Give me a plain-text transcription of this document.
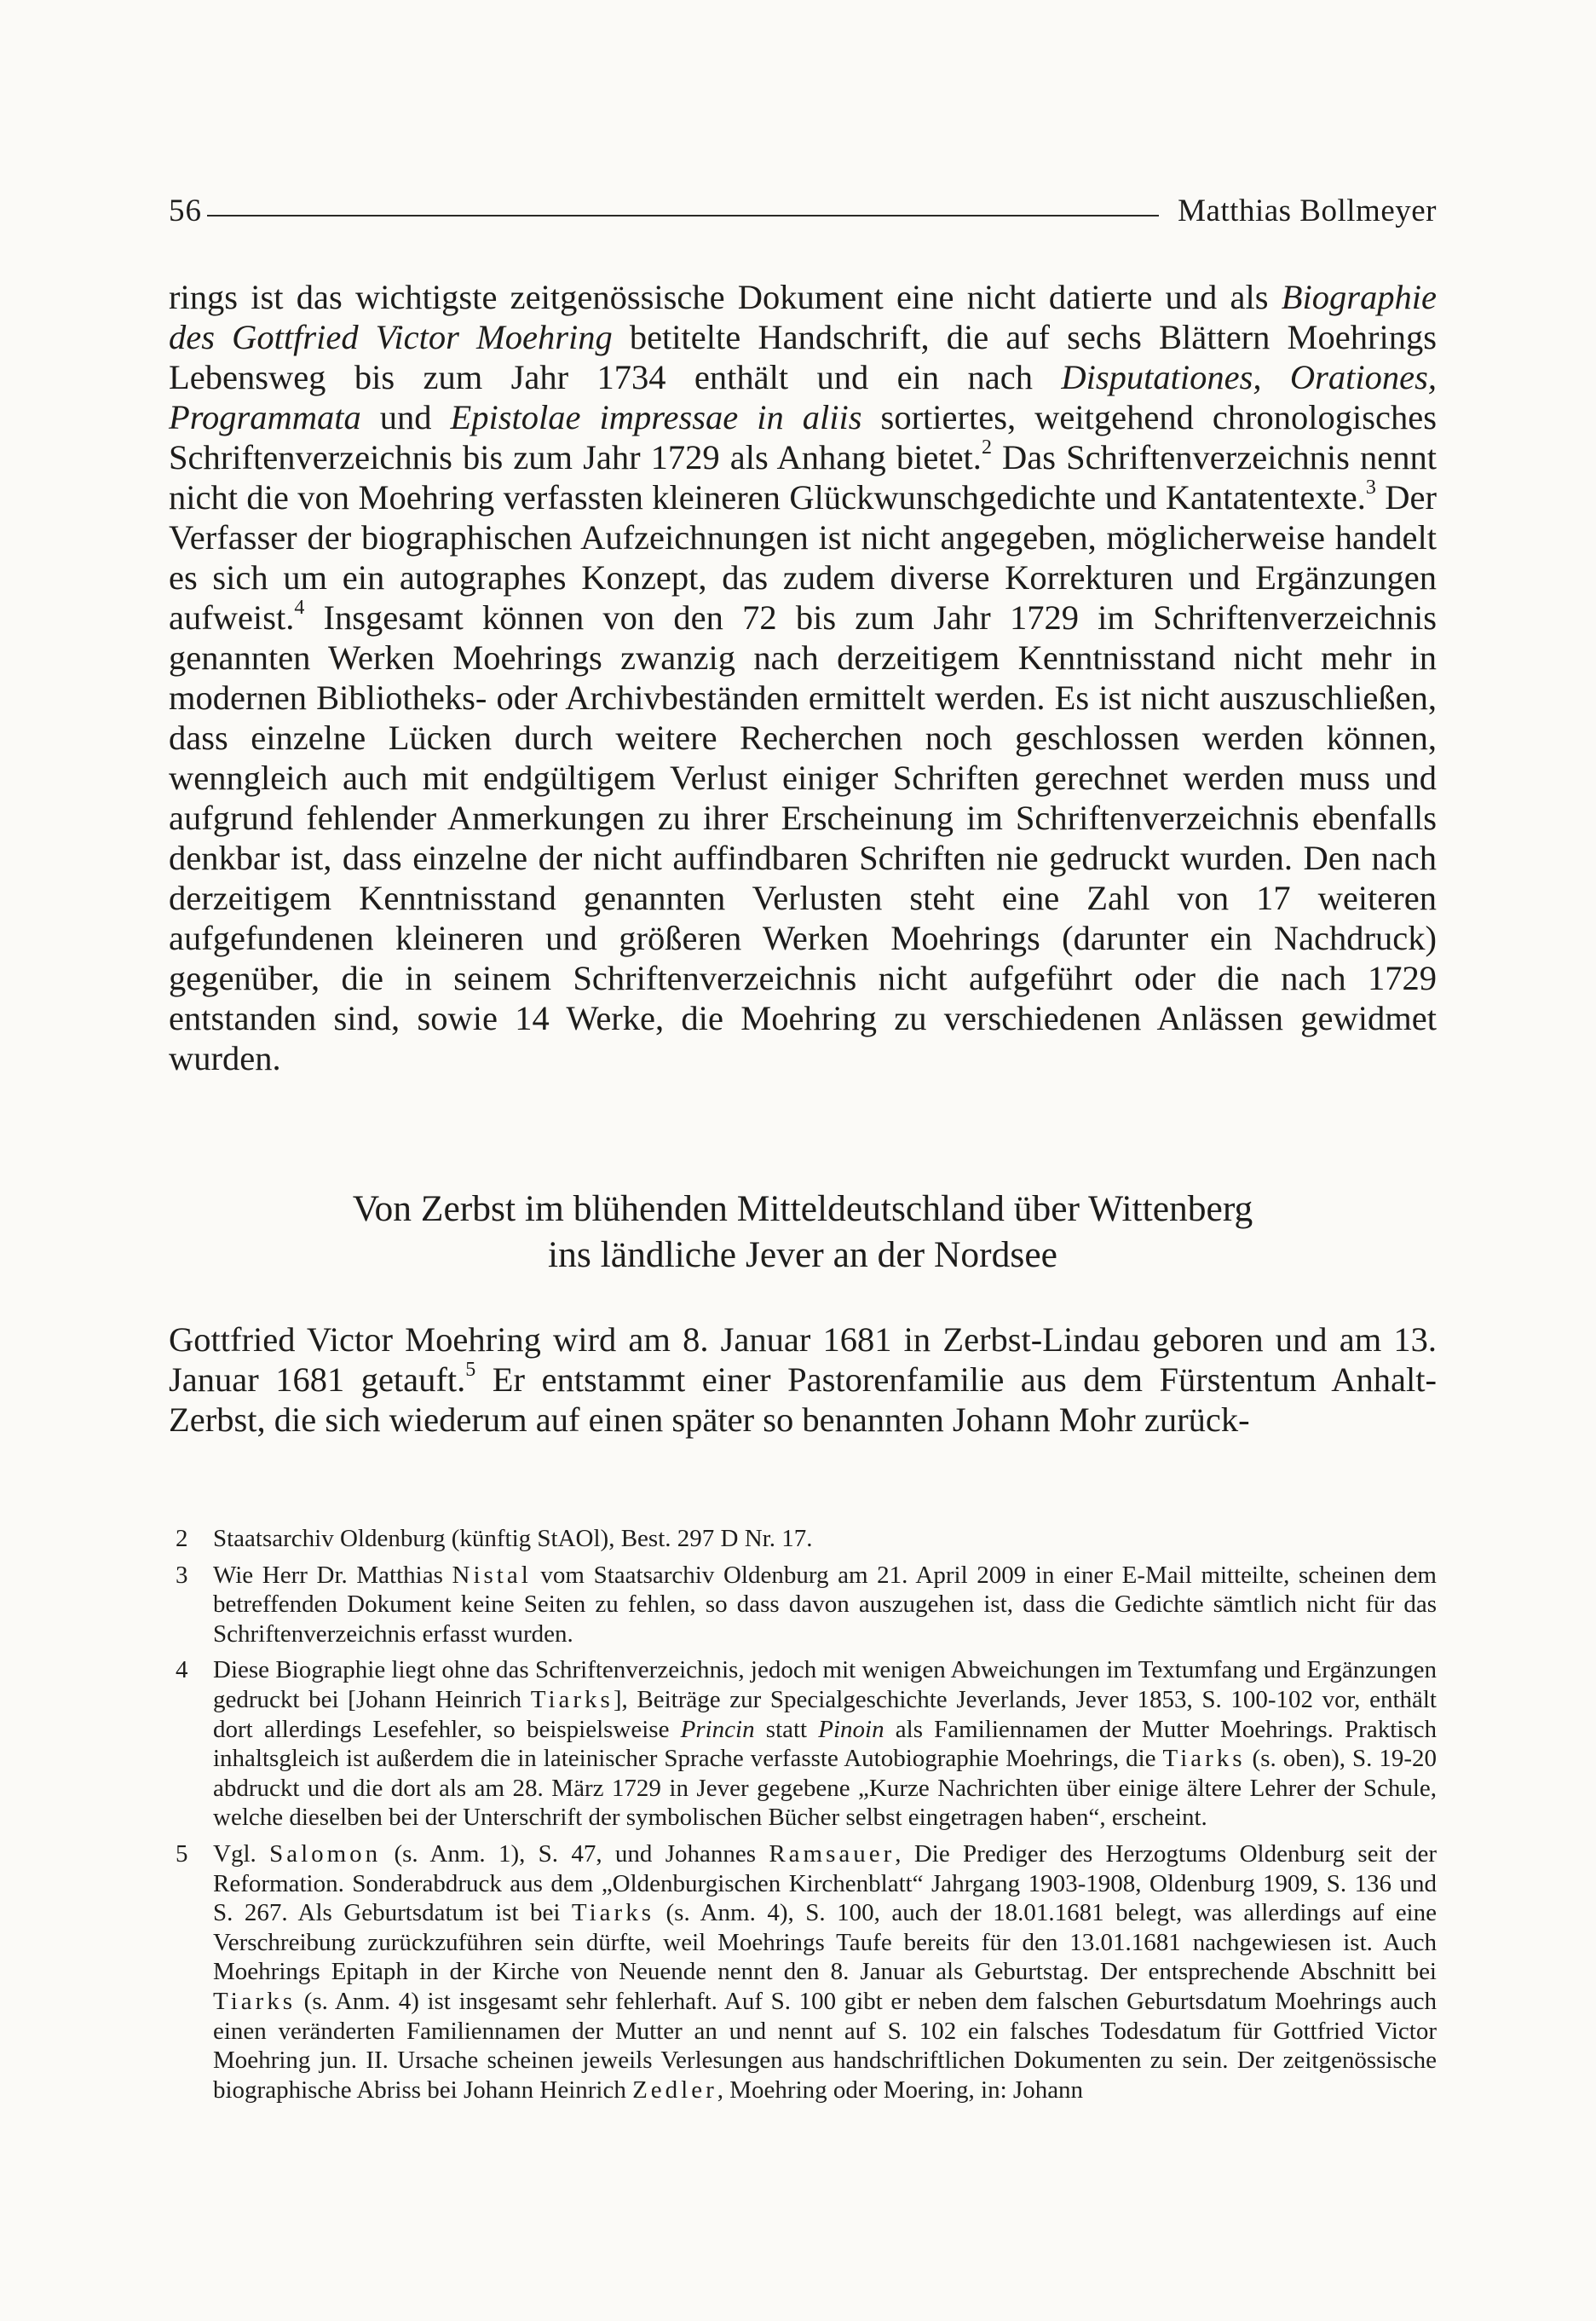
56	Matthias Bollmeyer

rings ist das wichtigste zeitgenössische Dokument eine nicht datierte und als Biographie des Gottfried Victor Moehring betitelte Handschrift, die auf sechs Blättern Moehrings Lebensweg bis zum Jahr 1734 enthält und ein nach Disputationes, Orationes, Programmata und Epistolae impressae in aliis sortiertes, weitgehend chronologisches Schriftenverzeichnis bis zum Jahr 1729 als Anhang bietet.$^2$ Das Schriftenverzeichnis nennt nicht die von Moehring verfassten kleineren Glückwunschgedichte und Kantatentexte.$^3$ Der Verfasser der biographischen Aufzeichnungen ist nicht angegeben, möglicherweise handelt es sich um ein autographes Konzept, das zudem diverse Korrekturen und Ergänzungen aufweist.$^4$ Insgesamt können von den 72 bis zum Jahr 1729 im Schriftenverzeichnis genannten Werken Moehrings zwanzig nach derzeitigem Kenntnisstand nicht mehr in modernen Bibliotheks- oder Archivbeständen ermittelt werden. Es ist nicht auszuschließen, dass einzelne Lücken durch weitere Recherchen noch geschlossen werden können, wenngleich auch mit endgültigem Verlust einiger Schriften gerechnet werden muss und aufgrund fehlender Anmerkungen zu ihrer Erscheinung im Schriftenverzeichnis ebenfalls denkbar ist, dass einzelne der nicht auffindbaren Schriften nie gedruckt wurden. Den nach derzeitigem Kenntnisstand genannten Verlusten steht eine Zahl von 17 weiteren aufgefundenen kleineren und größeren Werken Moehrings (darunter ein Nachdruck) gegenüber, die in seinem Schriftenverzeichnis nicht aufgeführt oder die nach 1729 entstanden sind, sowie 14 Werke, die Moehring zu verschiedenen Anlässen gewidmet wurden.

Von Zerbst im blühenden Mitteldeutschland über Wittenberg
ins ländliche Jever an der Nordsee

Gottfried Victor Moehring wird am 8. Januar 1681 in Zerbst-Lindau geboren und am 13. Januar 1681 getauft.$^5$ Er entstammt einer Pastorenfamilie aus dem Fürstentum Anhalt-Zerbst, die sich wiederum auf einen später so benannten Johann Mohr zurück-

2	Staatsarchiv Oldenburg (künftig StAOl), Best. 297 D Nr. 17.
3	Wie Herr Dr. Matthias Nistal vom Staatsarchiv Oldenburg am 21. April 2009 in einer E-Mail mitteilte, scheinen dem betreffenden Dokument keine Seiten zu fehlen, so dass davon auszugehen ist, dass die Gedichte sämtlich nicht für das Schriftenverzeichnis erfasst wurden.
4	Diese Biographie liegt ohne das Schriftenverzeichnis, jedoch mit wenigen Abweichungen im Textumfang und Ergänzungen gedruckt bei [Johann Heinrich Tiarks], Beiträge zur Specialgeschichte Jeverlands, Jever 1853, S. 100-102 vor, enthält dort allerdings Lesefehler, so beispielsweise Princin statt Pinoin als Familiennamen der Mutter Moehrings. Praktisch inhaltsgleich ist außerdem die in lateinischer Sprache verfasste Autobiographie Moehrings, die Tiarks (s. oben), S. 19-20 abdruckt und die dort als am 28. März 1729 in Jever gegebene „Kurze Nachrichten über einige ältere Lehrer der Schule, welche dieselben bei der Unterschrift der symbolischen Bücher selbst eingetragen haben“, erscheint.
5	Vgl. Salomon (s. Anm. 1), S. 47, und Johannes Ramsauer, Die Prediger des Herzogtums Oldenburg seit der Reformation. Sonderabdruck aus dem „Oldenburgischen Kirchenblatt“ Jahrgang 1903-1908, Oldenburg 1909, S. 136 und S. 267. Als Geburtsdatum ist bei Tiarks (s. Anm. 4), S. 100, auch der 18.01.1681 belegt, was allerdings auf eine Verschreibung zurückzuführen sein dürfte, weil Moehrings Taufe bereits für den 13.01.1681 nachgewiesen ist. Auch Moehrings Epitaph in der Kirche von Neuende nennt den 8. Januar als Geburtstag. Der entsprechende Abschnitt bei Tiarks (s. Anm. 4) ist insgesamt sehr fehlerhaft. Auf S. 100 gibt er neben dem falschen Geburtsdatum Moehrings auch einen veränderten Familiennamen der Mutter an und nennt auf S. 102 ein falsches Todesdatum für Gottfried Victor Moehring jun. II. Ursache scheinen jeweils Verlesungen aus handschriftlichen Dokumenten zu sein. Der zeitgenössische biographische Abriss bei Johann Heinrich Zedler, Moehring oder Moering, in: Johann
